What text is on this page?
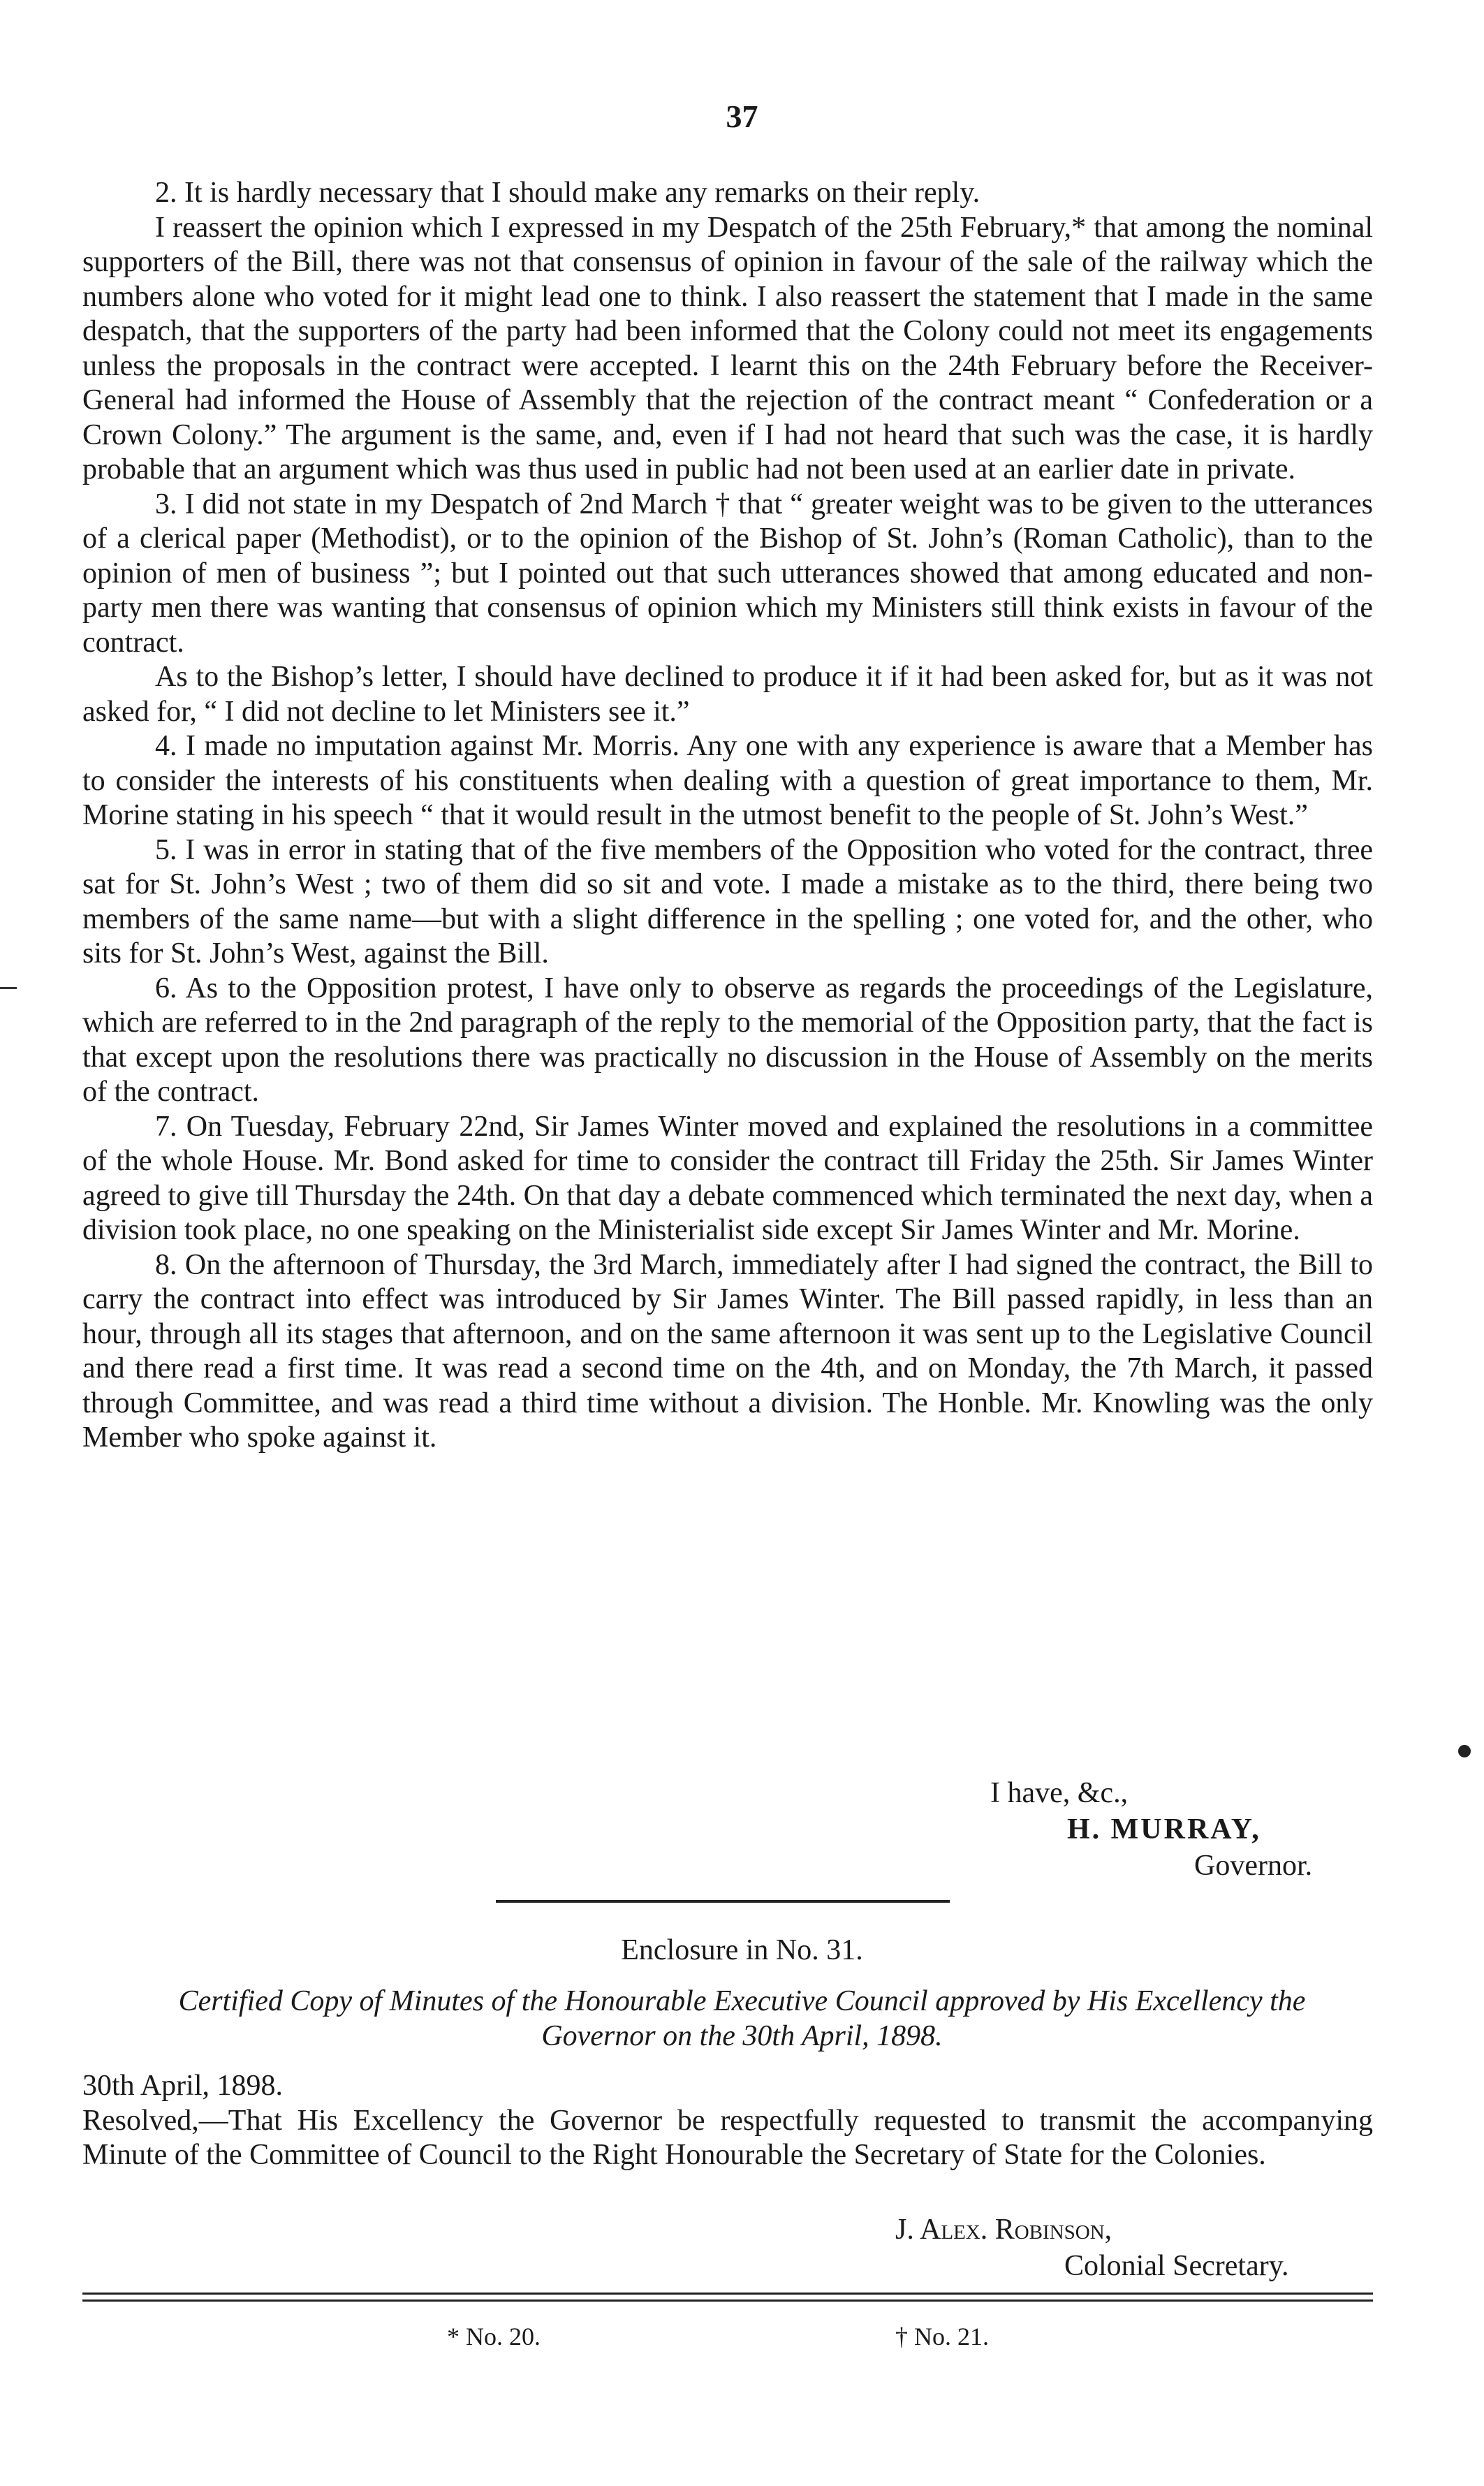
37

2. It is hardly necessary that I should make any remarks on their reply.

I reassert the opinion which I expressed in my Despatch of the 25th February,* that among the nominal supporters of the Bill, there was not that consensus of opinion in favour of the sale of the railway which the numbers alone who voted for it might lead one to think. I also reassert the statement that I made in the same despatch, that the supporters of the party had been informed that the Colony could not meet its engagements unless the proposals in the contract were accepted. I learnt this on the 24th February before the Receiver-General had informed the House of Assembly that the rejection of the contract meant “ Confederation or a Crown Colony.” The argument is the same, and, even if I had not heard that such was the case, it is hardly probable that an argument which was thus used in public had not been used at an earlier date in private.

3. I did not state in my Despatch of 2nd March † that “ greater weight was to be given to the utterances of a clerical paper (Methodist), or to the opinion of the Bishop of St. John’s (Roman Catholic), than to the opinion of men of business ”; but I pointed out that such utterances showed that among educated and non-party men there was wanting that consensus of opinion which my Ministers still think exists in favour of the contract.

As to the Bishop’s letter, I should have declined to produce it if it had been asked for, but as it was not asked for, “ I did not decline to let Ministers see it.”

4. I made no imputation against Mr. Morris. Any one with any experience is aware that a Member has to consider the interests of his constituents when dealing with a question of great importance to them, Mr. Morine stating in his speech “ that it would result in the utmost benefit to the people of St. John’s West.”

5. I was in error in stating that of the five members of the Opposition who voted for the contract, three sat for St. John’s West ; two of them did so sit and vote. I made a mistake as to the third, there being two members of the same name—but with a slight difference in the spelling ; one voted for, and the other, who sits for St. John’s West, against the Bill.

6. As to the Opposition protest, I have only to observe as regards the proceedings of the Legislature, which are referred to in the 2nd paragraph of the reply to the memorial of the Opposition party, that the fact is that except upon the resolutions there was practically no discussion in the House of Assembly on the merits of the contract.

7. On Tuesday, February 22nd, Sir James Winter moved and explained the resolutions in a committee of the whole House. Mr. Bond asked for time to consider the contract till Friday the 25th. Sir James Winter agreed to give till Thursday the 24th. On that day a debate commenced which terminated the next day, when a division took place, no one speaking on the Ministerialist side except Sir James Winter and Mr. Morine.

8. On the afternoon of Thursday, the 3rd March, immediately after I had signed the contract, the Bill to carry the contract into effect was introduced by Sir James Winter. The Bill passed rapidly, in less than an hour, through all its stages that afternoon, and on the same afternoon it was sent up to the Legislative Council and there read a first time. It was read a second time on the 4th, and on Monday, the 7th March, it passed through Committee, and was read a third time without a division. The Honble. Mr. Knowling was the only Member who spoke against it.

I have, &c.,
H. MURRAY,
Governor.
Enclosure in No. 31.
Certified Copy of Minutes of the Honourable Executive Council approved by His Excellency the Governor on the 30th April, 1898.

30th April, 1898.

Resolved,—That His Excellency the Governor be respectfully requested to transmit the accompanying Minute of the Committee of Council to the Right Honourable the Secretary of State for the Colonies.

J. Alex. Robinson,
Colonial Secretary.
* No. 20.	† No. 21.
